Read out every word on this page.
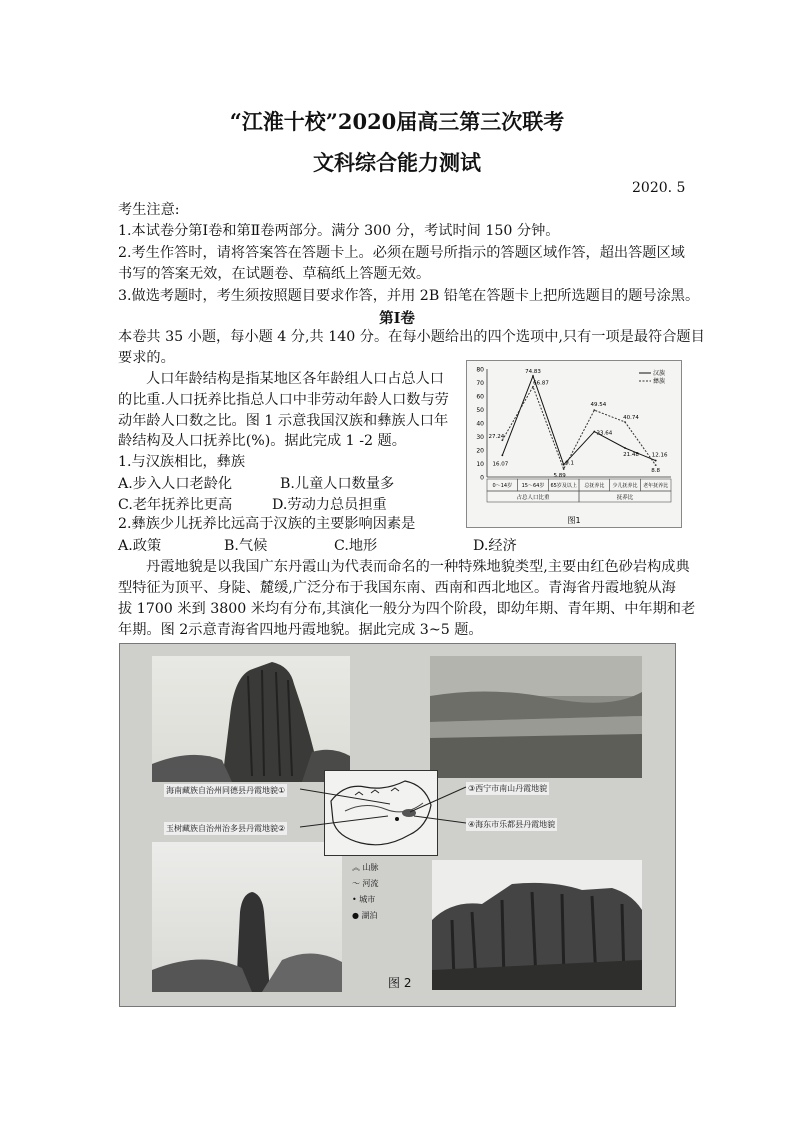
“江淮十校”2020届高三第三次联考
文科综合能力测试
2020. 5
考生注意:
1.本试卷分第Ⅰ卷和第Ⅱ卷两部分。满分 300 分，考试时间 150 分钟。
2.考生作答时，请将答案答在答题卡上。必须在题号所指示的答题区域作答，超出答题区域
书写的答案无效，在试题卷、草稿纸上答题无效。
3.做选考题时，考生须按照题目要求作答，并用 2B 铅笔在答题卡上把所选题目的题号涂黑。
第Ⅰ卷
本卷共 35 小题，每小题 4 分,共 140 分。在每小题给出的四个选项中,只有一项是最符合题目
要求的。
人口年龄结构是指某地区各年龄组人口占总人口
的比重.人口抚养比指总人口中非劳动年龄人口数与劳
动年龄人口数之比。图 1 示意我国汉族和彝族人口年
龄结构及人口抚养比(%)。据此完成 1 -2 题。
1.与汉族相比，彝族
A.步入人口老龄化	B.儿童人口数量多
C.老年抚养比更高	D.劳动力总员担重
2.彝族少儿抚养比远高于汉族的主要影响因素是
A.政策	B.气候	C.地形	D.经济
丹霞地貌是以我国广东丹霞山为代表而命名的一种特殊地貌类型,主要由红色砂岩构成典
型特征为顶平、身陡、麓缓,广泛分布于我国东南、西南和西北地区。青海省丹霞地貌从海
拔 1700 米到 3800 米均有分布,其演化一般分为四个阶段，即幼年期、青年期、中年期和老
年期。图 2示意青海省四地丹霞地貌。据此完成 3~5 题。
0
10
20
30
40
50
60
70
80
0～14岁 15～64岁 65岁及以上 总抚养比 少儿抚养比 老年抚养比
占总人口比重	抚养比
16.07
74.83
9.1
33.64
21.48 12.16
汉族
27.24
66.87
5.89
49.54
40.74
8.8
彝族
图1
︽ 山脉
～ 河流
• 城市
● 湖泊
海南藏族自治州同德县丹霞地貌①
玉树藏族自治州治多县丹霞地貌②
③西宁市南山丹霞地貌
④海东市乐都县丹霞地貌
图 2
